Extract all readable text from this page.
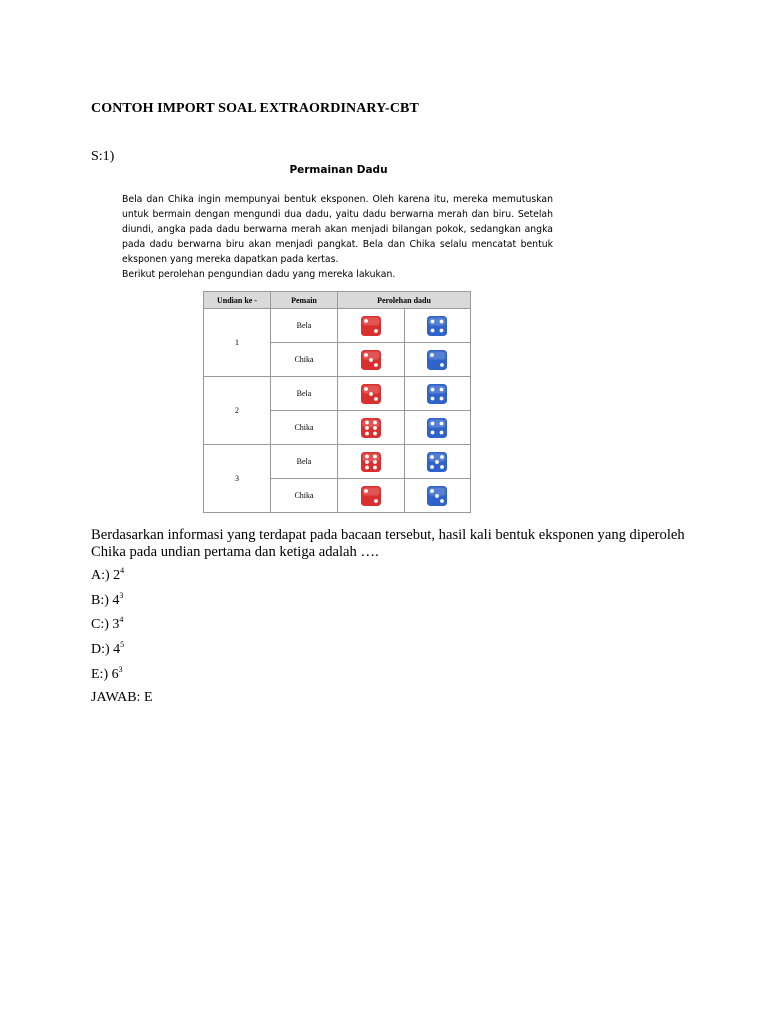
CONTOH IMPORT SOAL EXTRAORDINARY-CBT
S:1)
Permainan Dadu

Bela dan Chika ingin mempunyai bentuk eksponen. Oleh karena itu, mereka memutuskan untuk bermain dengan mengundi dua dadu, yaitu dadu berwarna merah dan biru. Setelah diundi, angka pada dadu berwarna merah akan menjadi bilangan pokok, sedangkan angka pada dadu berwarna biru akan menjadi pangkat. Bela dan Chika selalu mencatat bentuk eksponen yang mereka dapatkan pada kertas.

Berikut perolehan pengundian dadu yang mereka lakukan.

Undian ke -	Pemain	Perolehan dadu	
1	Bela		
	Chika		
2	Bela		
	Chika		
3	Bela		
	Chika		
Berdasarkan informasi yang terdapat pada bacaan tersebut, hasil kali bentuk eksponen yang diperoleh Chika pada undian pertama dan ketiga adalah ….
A:) $2^4$
B:) $4^3$
C:) $3^4$
D:) $4^5$
E:) $6^3$
JAWAB: E
